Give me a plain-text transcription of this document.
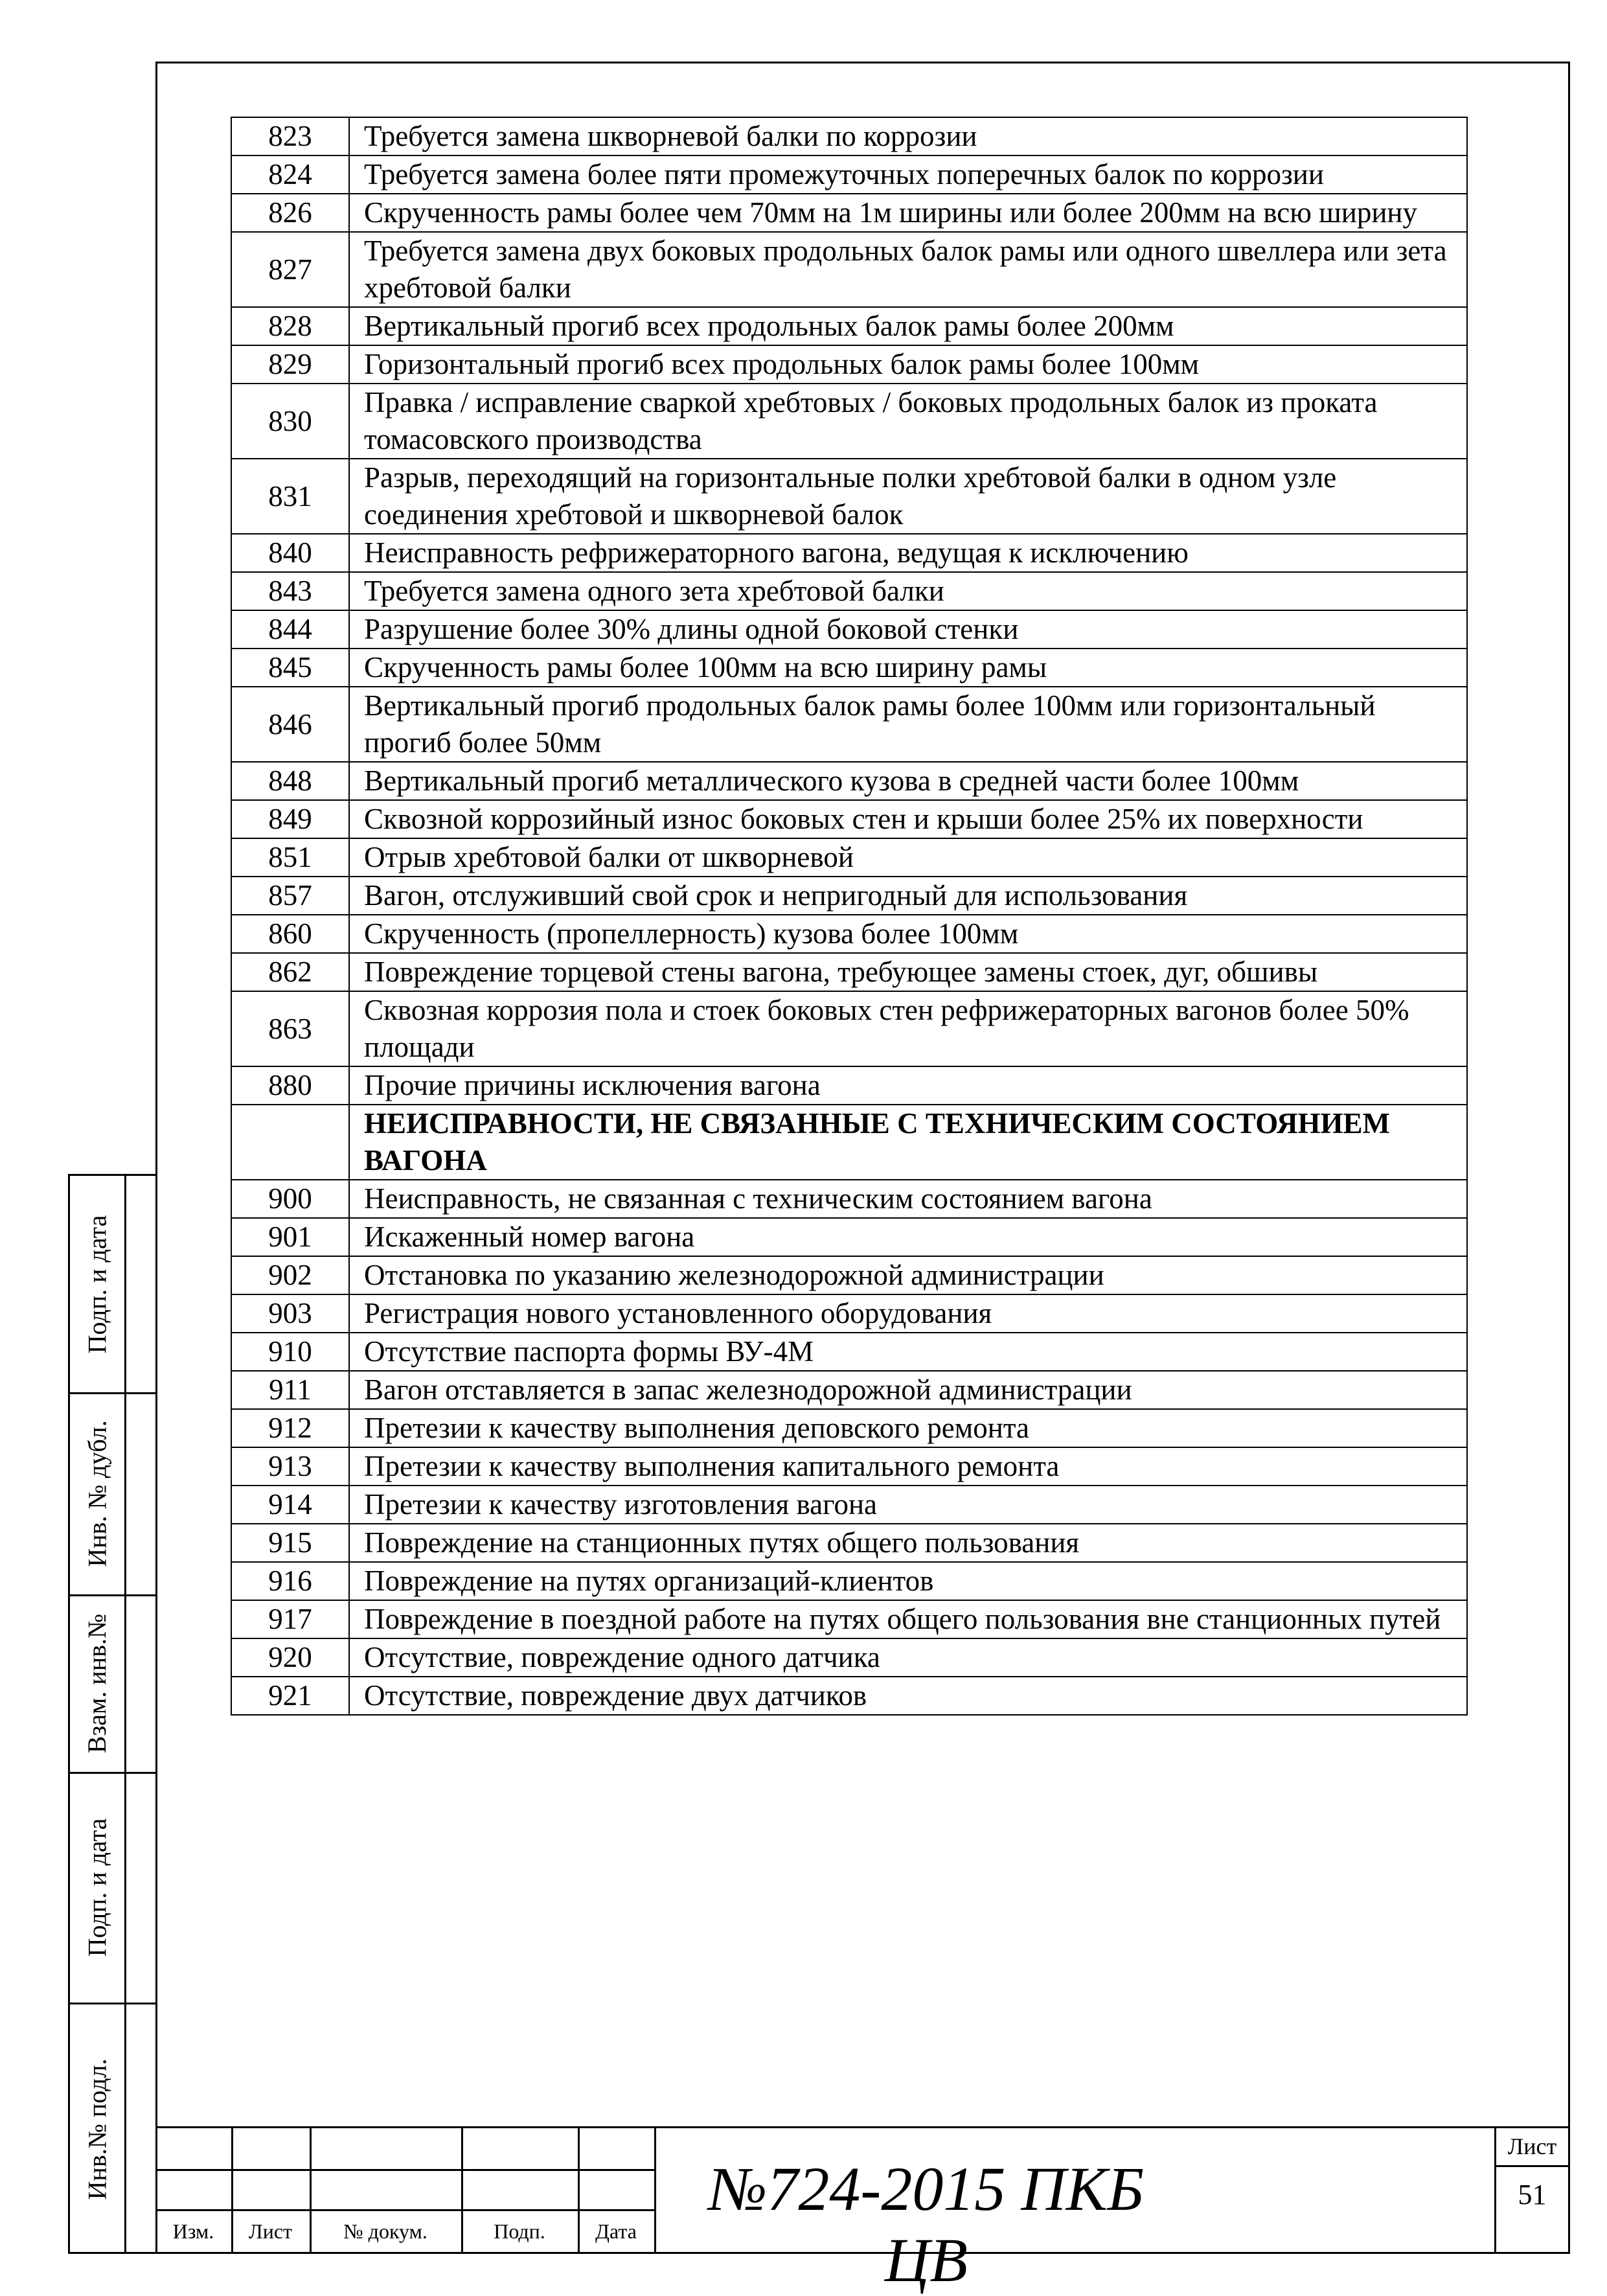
823	Требуется замена шкворневой балки по коррозии
824	Требуется замена более пяти промежуточных поперечных балок по коррозии
826	Скрученность рамы более чем 70мм на 1м ширины или более 200мм на всю ширину
827	Требуется замена двух боковых продольных балок рамы или одного швеллера или зета хребтовой балки
828	Вертикальный прогиб всех продольных балок рамы более 200мм
829	Горизонтальный прогиб всех продольных балок рамы более 100мм
830	Правка / исправление сваркой хребтовых / боковых продольных балок из проката томасовского производства
831	Разрыв, переходящий на горизонтальные полки хребтовой балки в одном узле соединения хребтовой и шкворневой балок
840	Неисправность рефрижераторного вагона, ведущая к исключению
843	Требуется замена одного зета хребтовой балки
844	Разрушение более 30% длины одной боковой стенки
845	Скрученность рамы более 100мм на всю ширину рамы
846	Вертикальный прогиб продольных балок рамы более 100мм или горизонтальный прогиб более 50мм
848	Вертикальный прогиб металлического кузова в средней части более 100мм
849	Сквозной коррозийный износ боковых стен и крыши более 25% их поверхности
851	Отрыв хребтовой балки от шкворневой
857	Вагон, отслуживший свой срок и непригодный для использования
860	Скрученность (пропеллерность) кузова более 100мм
862	Повреждение торцевой стены вагона, требующее замены стоек, дуг, обшивы
863	Сквозная коррозия пола и стоек боковых стен рефрижераторных вагонов более 50% площади
880	Прочие причины исключения вагона
	НЕИСПРАВНОСТИ, НЕ СВЯЗАННЫЕ С ТЕХНИЧЕСКИМ СОСТОЯНИЕМ ВАГОНА
900	Неисправность, не связанная с техническим состоянием вагона
901	Искаженный номер вагона
902	Отстановка по указанию железнодорожной администрации
903	Регистрация нового установленного оборудования
910	Отсутствие паспорта формы ВУ-4М
911	Вагон отставляется в запас железнодорожной администрации
912	Претезии к качеству выполнения деповского ремонта
913	Претезии к качеству выполнения капитального ремонта
914	Претезии к качеству изготовления вагона
915	Повреждение на станционных путях общего пользования
916	Повреждение на путях организаций-клиентов
917	Повреждение в поездной работе на путях общего пользования вне станционных путей
920	Отсутствие, повреждение одного датчика
921	Отсутствие, повреждение двух датчиков
Подп. и дата
Инв. № дубл.
Взам. инв.№
Подп. и дата
Инв.№ подл.
Изм.	Лист	№ докум.	Подп.	Дата
№724-2015 ПКБ ЦВ
Лист
51
